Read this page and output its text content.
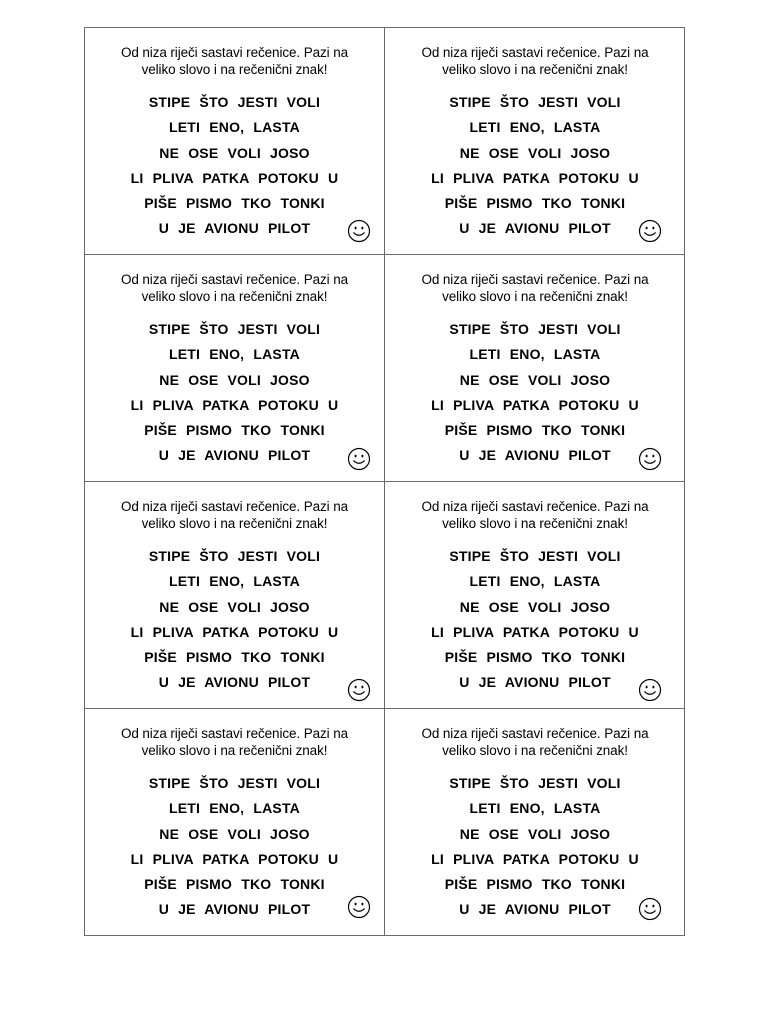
Od niza riječi sastavi rečenice. Pazi na
veliko slovo i na rečenični znak!
STIPE ŠTO JESTI VOLI
LETI ENO, LASTA
NE OSE VOLI JOSO
LI PLIVA PATKA POTOKU U
PIŠE PISMO TKO TONKI
U JE AVIONU PILOT
Od niza riječi sastavi rečenice. Pazi na
veliko slovo i na rečenični znak!
STIPE ŠTO JESTI VOLI
LETI ENO, LASTA
NE OSE VOLI JOSO
LI PLIVA PATKA POTOKU U
PIŠE PISMO TKO TONKI
U JE AVIONU PILOT
Od niza riječi sastavi rečenice. Pazi na
veliko slovo i na rečenični znak!
STIPE ŠTO JESTI VOLI
LETI ENO, LASTA
NE OSE VOLI JOSO
LI PLIVA PATKA POTOKU U
PIŠE PISMO TKO TONKI
U JE AVIONU PILOT
Od niza riječi sastavi rečenice. Pazi na
veliko slovo i na rečenični znak!
STIPE ŠTO JESTI VOLI
LETI ENO, LASTA
NE OSE VOLI JOSO
LI PLIVA PATKA POTOKU U
PIŠE PISMO TKO TONKI
U JE AVIONU PILOT
Od niza riječi sastavi rečenice. Pazi na
veliko slovo i na rečenični znak!
STIPE ŠTO JESTI VOLI
LETI ENO, LASTA
NE OSE VOLI JOSO
LI PLIVA PATKA POTOKU U
PIŠE PISMO TKO TONKI
U JE AVIONU PILOT
Od niza riječi sastavi rečenice. Pazi na
veliko slovo i na rečenični znak!
STIPE ŠTO JESTI VOLI
LETI ENO, LASTA
NE OSE VOLI JOSO
LI PLIVA PATKA POTOKU U
PIŠE PISMO TKO TONKI
U JE AVIONU PILOT
Od niza riječi sastavi rečenice. Pazi na
veliko slovo i na rečenični znak!
STIPE ŠTO JESTI VOLI
LETI ENO, LASTA
NE OSE VOLI JOSO
LI PLIVA PATKA POTOKU U
PIŠE PISMO TKO TONKI
U JE AVIONU PILOT
Od niza riječi sastavi rečenice. Pazi na
veliko slovo i na rečenični znak!
STIPE ŠTO JESTI VOLI
LETI ENO, LASTA
NE OSE VOLI JOSO
LI PLIVA PATKA POTOKU U
PIŠE PISMO TKO TONKI
U JE AVIONU PILOT
